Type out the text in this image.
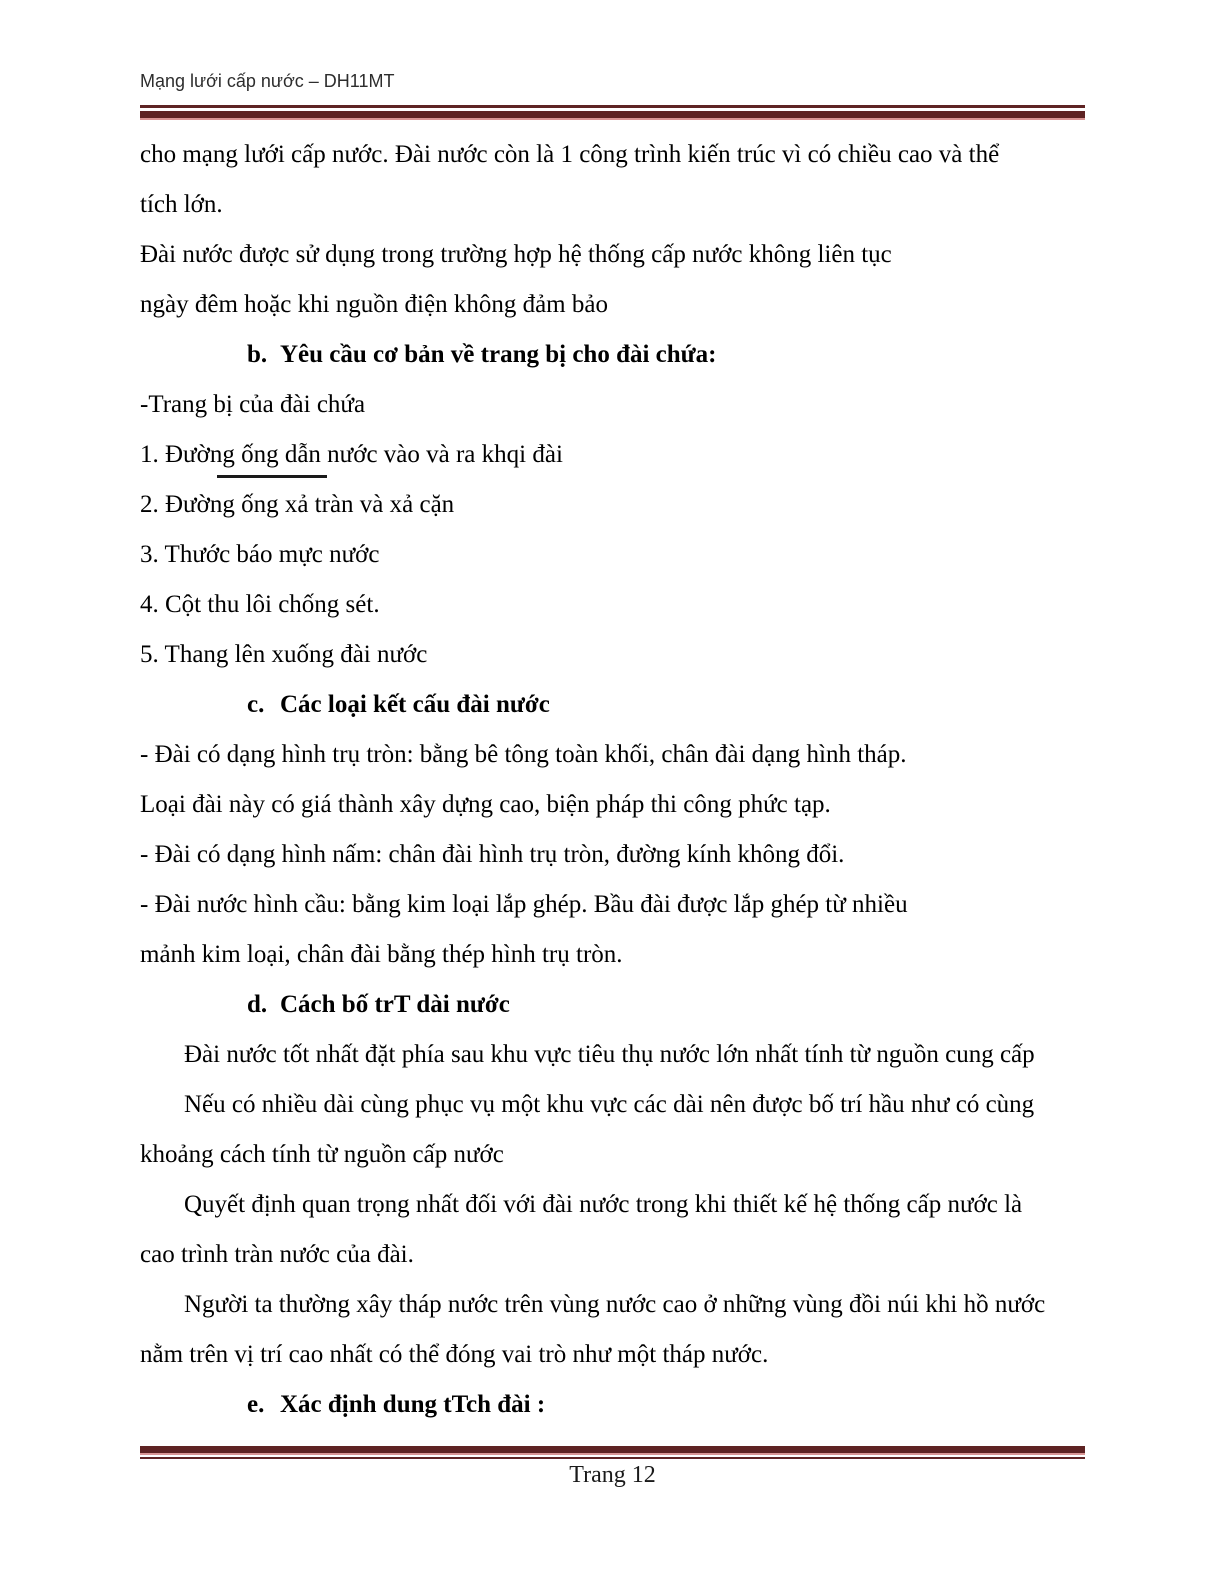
Mạng lưới cấp nước – DH11MT
cho mạng lưới cấp nước. Đài nước còn là 1 công trình kiến trúc vì có chiều cao và thể
tích lớn.
Đài nước được sử dụng trong trường hợp hệ thống cấp nước không liên tục
ngày đêm hoặc khi nguồn điện không đảm bảo
b. Yêu cầu cơ bản về trang bị cho đài chứa:
-Trang bị của đài chứa
1. Đường ống dẫn nước vào và ra khqi đài
2. Đường ống xả tràn và xả cặn
3. Thước báo mực nước
4. Cột thu lôi chống sét.
5. Thang lên xuống đài nước
c. Các loại kết cấu đài nước
- Đài có dạng hình trụ tròn: bằng bê tông toàn khối, chân đài dạng hình tháp.
Loại đài này có giá thành xây dựng cao, biện pháp thi công phức tạp.
- Đài có dạng hình nấm: chân đài hình trụ tròn, đường kính không đổi.
- Đài nước hình cầu: bằng kim loại lắp ghép. Bầu đài được lắp ghép từ nhiều
mảnh kim loại, chân đài bằng thép hình trụ tròn.
d. Cách bố trT dài nước
Đài nước tốt nhất đặt phía sau khu vực tiêu thụ nước lớn nhất tính từ nguồn cung cấp
Nếu có nhiều dài cùng phục vụ một khu vực các dài nên được bố trí hầu như có cùng
khoảng cách tính từ nguồn cấp nước
Quyết định quan trọng nhất đối với đài nước trong khi thiết kế hệ thống cấp nước là
cao trình tràn nước của đài.
Người ta thường xây tháp nước trên vùng nước cao ở những vùng đồi núi khi hồ nước
nằm trên vị trí cao nhất có thể đóng vai trò như một tháp nước.
e. Xác định dung tTch đài :
Trang 12
